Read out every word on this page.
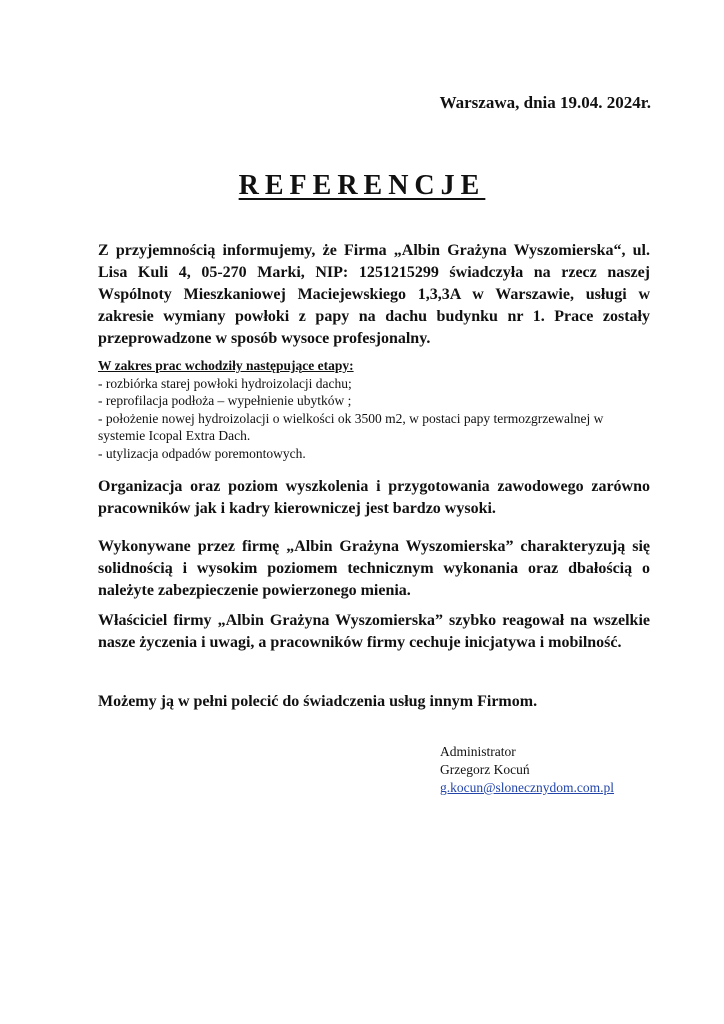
Warszawa, dnia 19.04. 2024r.
REFERENCJE
Z przyjemnością informujemy, że Firma „Albin Grażyna Wyszomierska“, ul. Lisa Kuli 4, 05-270 Marki, NIP: 1251215299 świadczyła na rzecz naszej Wspólnoty Mieszkaniowej Maciejewskiego 1,3,3A w Warszawie, usługi w zakresie wymiany powłoki z papy na dachu budynku nr 1. Prace zostały przeprowadzone w sposób wysoce profesjonalny.
W zakres prac wchodziły następujące etapy:
- rozbiórka starej powłoki hydroizolacji dachu;
- reprofilacja podłoża – wypełnienie ubytków ;
- położenie nowej hydroizolacji o wielkości ok 3500 m2, w postaci papy termozgrzewalnej w
systemie Icopal Extra Dach.
- utylizacja odpadów poremontowych.
Organizacja oraz poziom wyszkolenia i przygotowania zawodowego zarówno pracowników jak i kadry kierowniczej jest bardzo wysoki.
Wykonywane przez firmę „Albin Grażyna Wyszomierska” charakteryzują się solidnością i wysokim poziomem technicznym wykonania oraz dbałością o należyte zabezpieczenie powierzonego mienia.
Właściciel firmy „Albin Grażyna Wyszomierska” szybko reagował na wszelkie nasze życzenia i uwagi, a pracowników firmy cechuje inicjatywa i mobilność.
Możemy ją w pełni polecić do świadczenia usług innym Firmom.
Administrator
Grzegorz Kocuń
g.kocun@slonecznydom.com.pl
